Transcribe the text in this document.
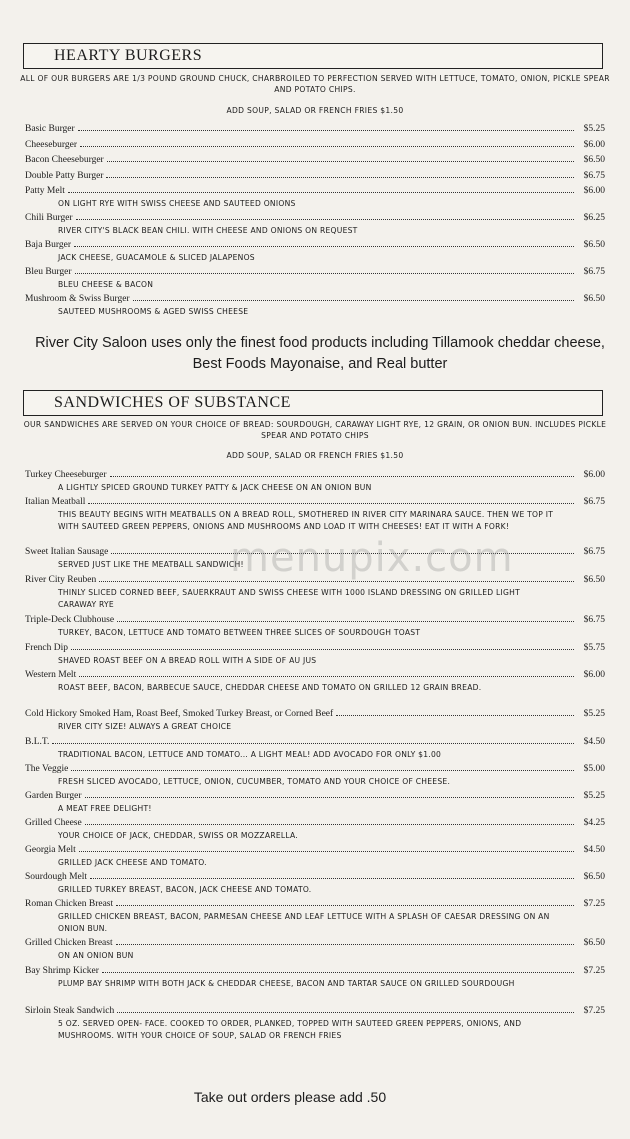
HEARTY BURGERS
ALL OF OUR BURGERS ARE 1/3 POUND GROUND CHUCK, CHARBROILED TO PERFECTION SERVED WITH LETTUCE, TOMATO, ONION, PICKLE SPEAR AND POTATO CHIPS.
ADD SOUP, SALAD OR FRENCH FRIES $1.50
Basic Burger	$5.25
Cheeseburger	$6.00
Bacon Cheeseburger	$6.50
Double Patty Burger	$6.75
Patty Melt	$6.00
ON LIGHT RYE WITH SWISS CHEESE AND SAUTEED ONIONS
Chili Burger	$6.25
RIVER CITY'S BLACK BEAN CHILI. WITH CHEESE AND ONIONS ON REQUEST
Baja Burger	$6.50
JACK CHEESE, GUACAMOLE & SLICED JALAPENOS
Bleu Burger	$6.75
BLEU CHEESE & BACON
Mushroom & Swiss Burger	$6.50
SAUTEED MUSHROOMS & AGED SWISS CHEESE
River City Saloon uses only the finest food products including Tillamook cheddar cheese, Best Foods Mayonaise, and Real butter
SANDWICHES OF SUBSTANCE
OUR SANDWICHES ARE SERVED ON YOUR CHOICE OF BREAD: SOURDOUGH, CARAWAY LIGHT RYE, 12 GRAIN, OR ONION BUN. INCLUDES PICKLE SPEAR AND POTATO CHIPS
ADD SOUP, SALAD OR FRENCH FRIES $1.50
Turkey Cheeseburger	$6.00
A LIGHTLY SPICED GROUND TURKEY PATTY & JACK CHEESE ON AN ONION BUN
Italian Meatball	$6.75
THIS BEAUTY BEGINS WITH MEATBALLS ON A BREAD ROLL, SMOTHERED IN RIVER CITY MARINARA SAUCE. THEN WE TOP IT WITH SAUTEED GREEN PEPPERS, ONIONS AND MUSHROOMS AND LOAD IT WITH CHEESES! EAT IT WITH A FORK!
Sweet Italian Sausage	$6.75
SERVED JUST LIKE THE MEATBALL SANDWICH!
River City Reuben	$6.50
THINLY SLICED CORNED BEEF, SAUERKRAUT AND SWISS CHEESE WITH 1000 ISLAND DRESSING ON GRILLED LIGHT CARAWAY RYE
Triple-Deck Clubhouse	$6.75
TURKEY, BACON, LETTUCE AND TOMATO BETWEEN THREE SLICES OF SOURDOUGH TOAST
French Dip	$5.75
SHAVED ROAST BEEF ON A BREAD ROLL WITH A SIDE OF AU JUS
Western Melt	$6.00
ROAST BEEF, BACON, BARBECUE SAUCE, CHEDDAR CHEESE AND TOMATO ON GRILLED 12 GRAIN BREAD.
Cold Hickory Smoked Ham, Roast Beef, Smoked Turkey Breast, or Corned Beef	$5.25
RIVER CITY SIZE! ALWAYS A GREAT CHOICE
B.L.T.	$4.50
TRADITIONAL BACON, LETTUCE AND TOMATO... A LIGHT MEAL! ADD AVOCADO FOR ONLY $1.00
The Veggie	$5.00
FRESH SLICED AVOCADO, LETTUCE, ONION, CUCUMBER, TOMATO AND YOUR CHOICE OF CHEESE.
Garden Burger	$5.25
A MEAT FREE DELIGHT!
Grilled Cheese	$4.25
YOUR CHOICE OF JACK, CHEDDAR, SWISS OR MOZZARELLA.
Georgia Melt	$4.50
GRILLED JACK CHEESE AND TOMATO.
Sourdough Melt	$6.50
GRILLED TURKEY BREAST, BACON, JACK CHEESE AND TOMATO.
Roman Chicken Breast	$7.25
GRILLED CHICKEN BREAST, BACON, PARMESAN CHEESE AND LEAF LETTUCE WITH A SPLASH OF CAESAR DRESSING ON AN ONION BUN.
Grilled Chicken Breast	$6.50
ON AN ONION BUN
Bay Shrimp Kicker	$7.25
PLUMP BAY SHRIMP WITH BOTH JACK & CHEDDAR CHEESE, BACON AND TARTAR SAUCE ON GRILLED SOURDOUGH
Sirloin Steak Sandwich	$7.25
5 OZ. SERVED OPEN- FACE. COOKED TO ORDER, PLANKED, TOPPED WITH SAUTEED GREEN PEPPERS, ONIONS, AND MUSHROOMS. WITH YOUR CHOICE OF SOUP, SALAD OR FRENCH FRIES
Take out orders please add .50
menupix.com
